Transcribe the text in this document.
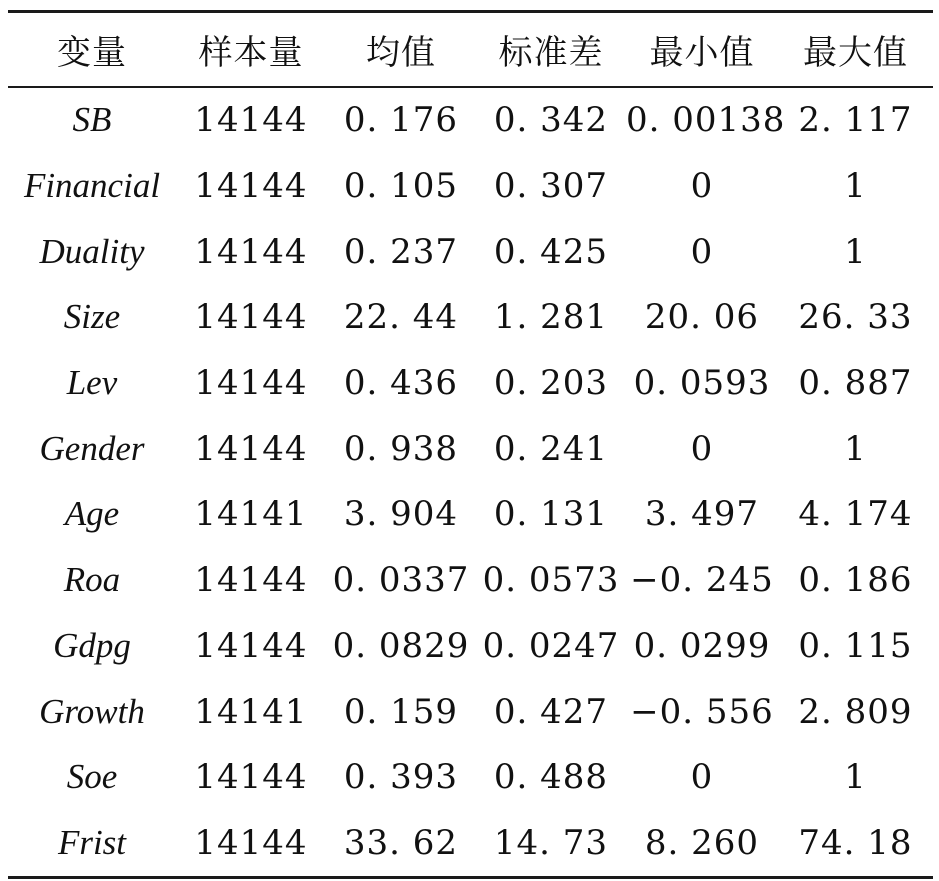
变量	样本量	均值	标准差	最小值	最大值
SB	14144	0. 176	0. 342	0. 00138	2. 117
Financial	14144	0. 105	0. 307	0	1
Duality	14144	0. 237	0. 425	0	1
Size	14144	22. 44	1. 281	20. 06	26. 33
Lev	14144	0. 436	0. 203	0. 0593	0. 887
Gender	14144	0. 938	0. 241	0	1
Age	14141	3. 904	0. 131	3. 497	4. 174
Roa	14144	0. 0337	0. 0573	−0. 245	0. 186
Gdpg	14144	0. 0829	0. 0247	0. 0299	0. 115
Growth	14141	0. 159	0. 427	−0. 556	2. 809
Soe	14144	0. 393	0. 488	0	1
Frist	14144	33. 62	14. 73	8. 260	74. 18
